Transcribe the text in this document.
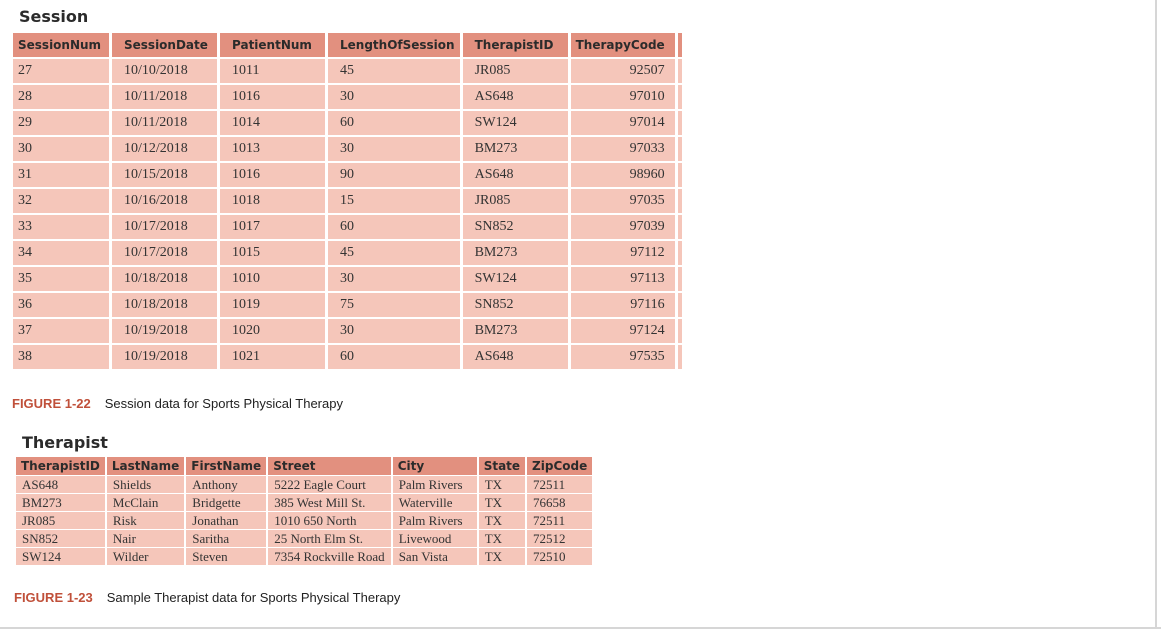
Session
SessionNum	SessionDate	PatientNum	LengthOfSession	TherapistID	TherapyCode	
27	10/10/2018	1011	45	JR085	92507	
28	10/11/2018	1016	30	AS648	97010	
29	10/11/2018	1014	60	SW124	97014	
30	10/12/2018	1013	30	BM273	97033	
31	10/15/2018	1016	90	AS648	98960	
32	10/16/2018	1018	15	JR085	97035	
33	10/17/2018	1017	60	SN852	97039	
34	10/17/2018	1015	45	BM273	97112	
35	10/18/2018	1010	30	SW124	97113	
36	10/18/2018	1019	75	SN852	97116	
37	10/19/2018	1020	30	BM273	97124	
38	10/19/2018	1021	60	AS648	97535	
FIGURE 1-22 Session data for Sports Physical Therapy
Therapist
TherapistID	LastName	FirstName	Street	City	State	ZipCode
AS648	Shields	Anthony	5222 Eagle Court	Palm Rivers	TX	72511
BM273	McClain	Bridgette	385 West Mill St.	Waterville	TX	76658
JR085	Risk	Jonathan	1010 650 North	Palm Rivers	TX	72511
SN852	Nair	Saritha	25 North Elm St.	Livewood	TX	72512
SW124	Wilder	Steven	7354 Rockville Road	San Vista	TX	72510
FIGURE 1-23 Sample Therapist data for Sports Physical Therapy
